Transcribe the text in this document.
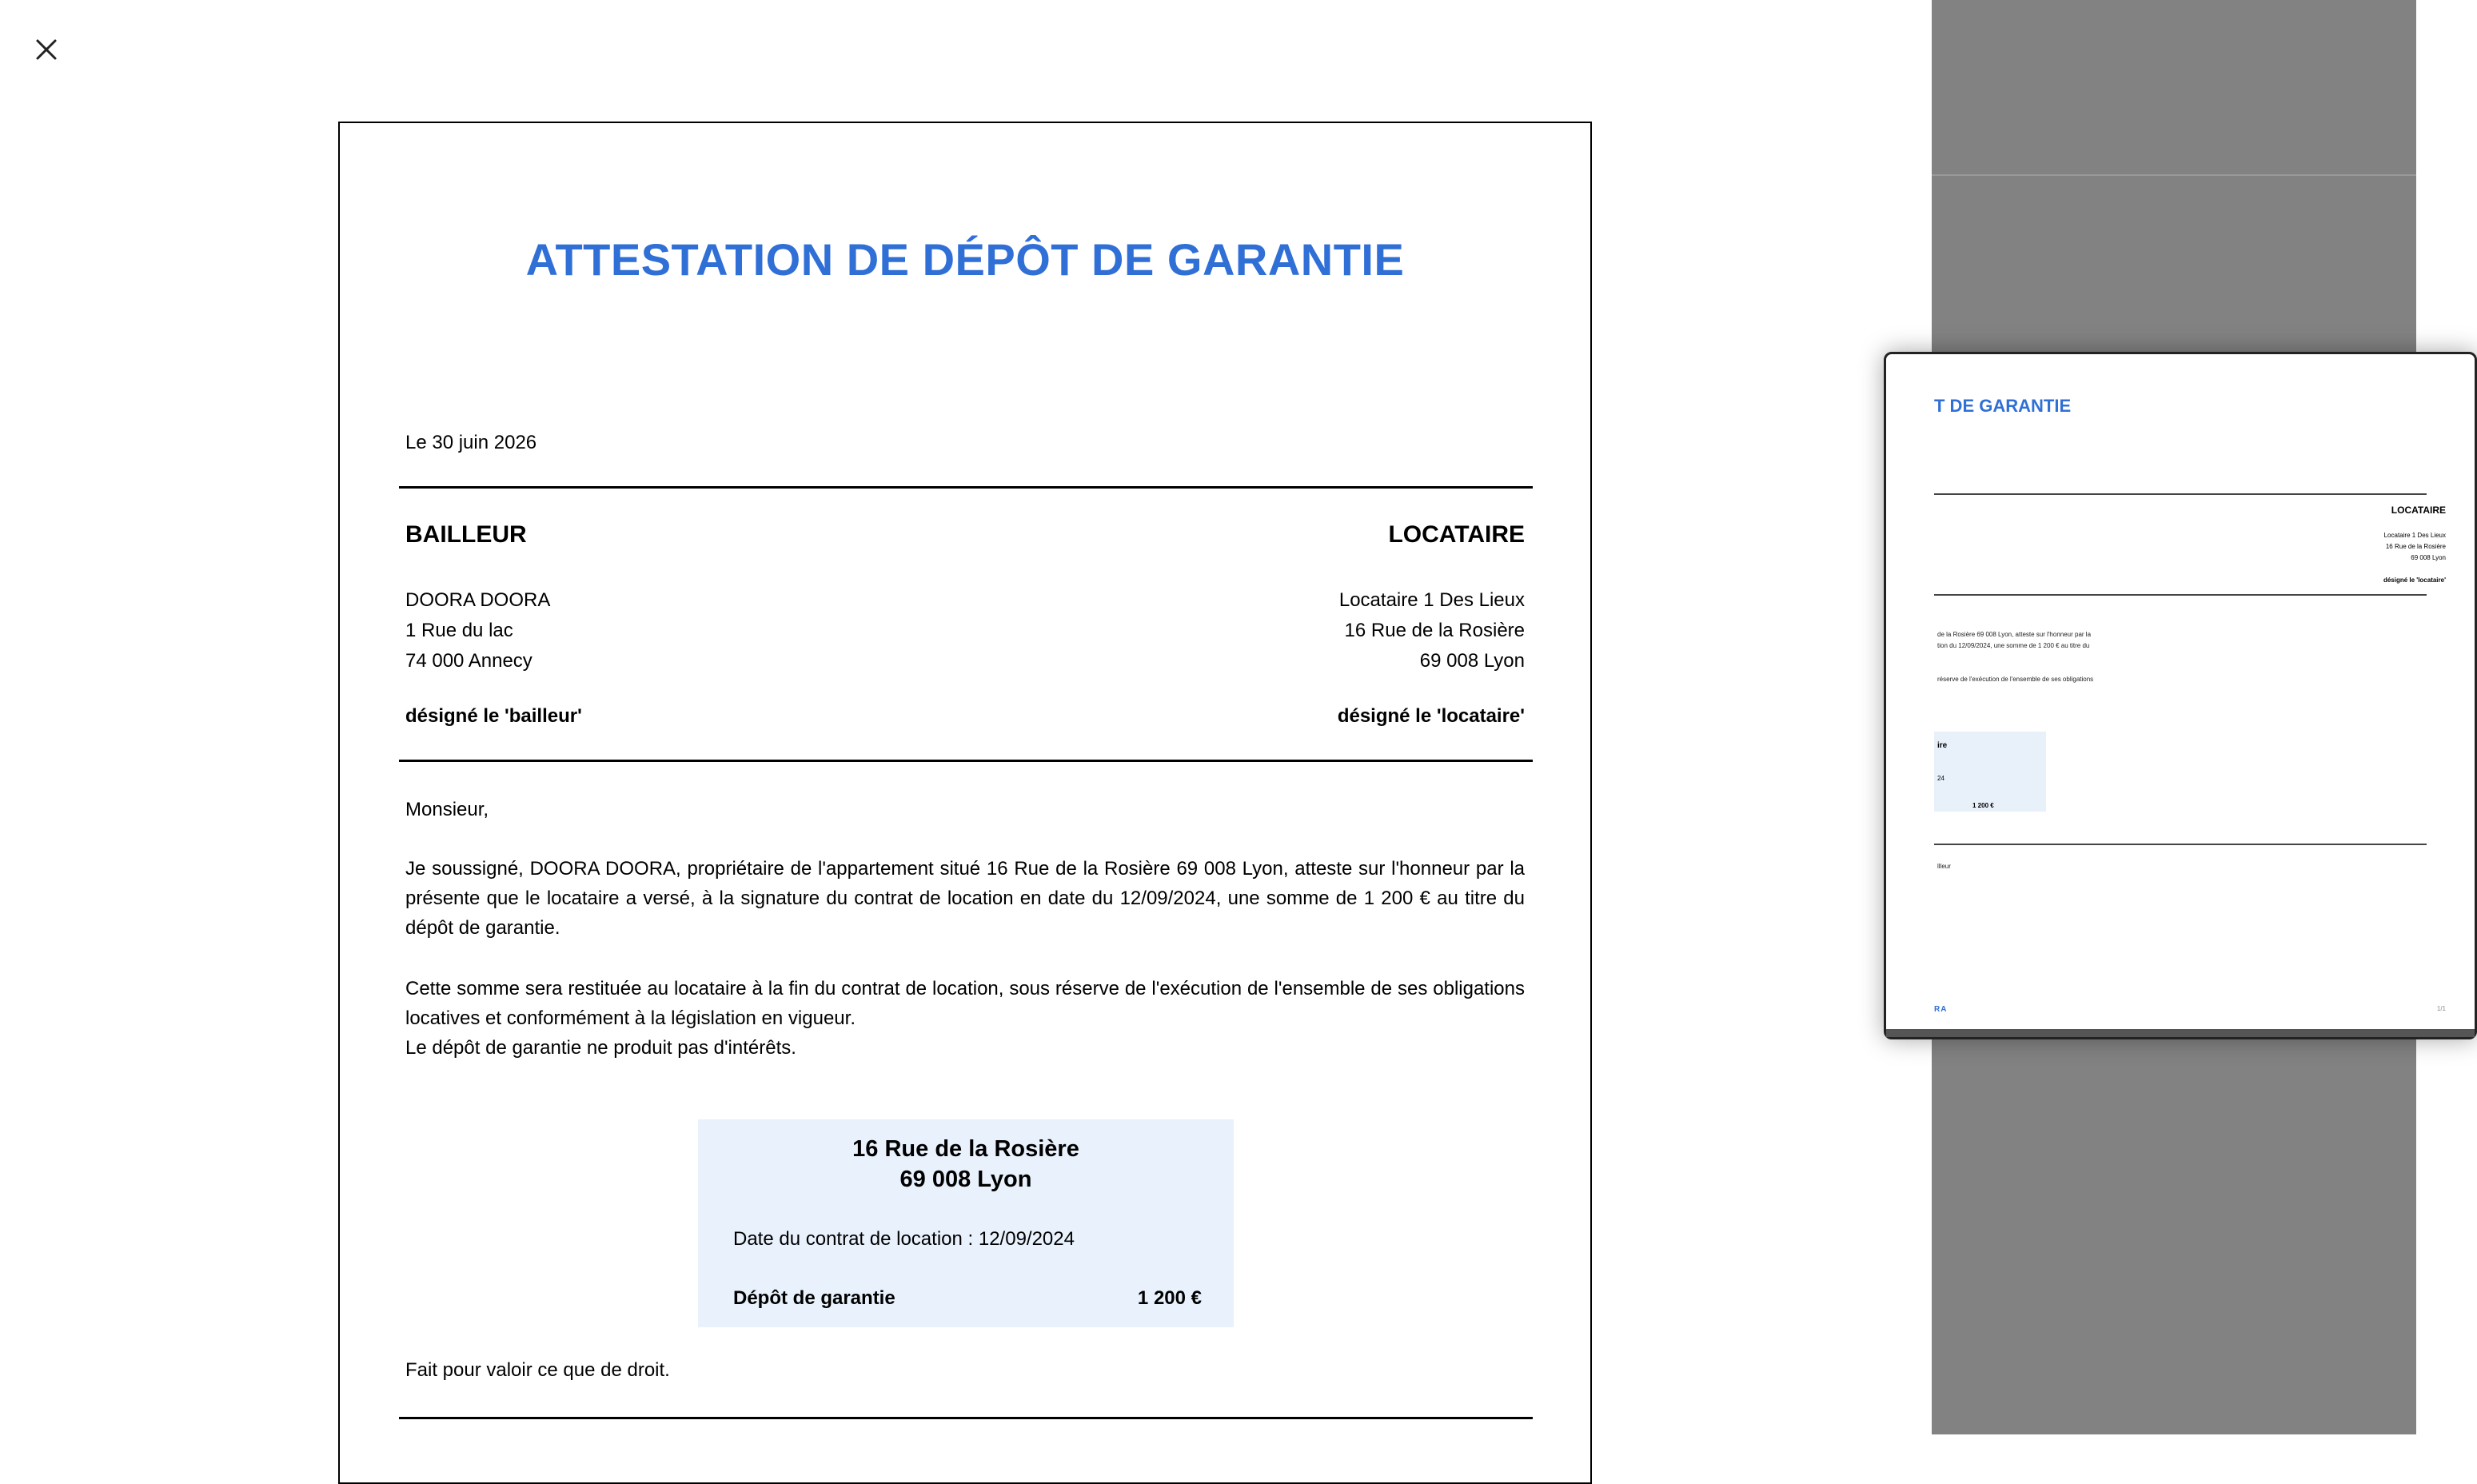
T DE GARANTIE
LOCATAIRE
Locataire 1 Des Lieux
16 Rue de la Rosière
69 008 Lyon
désigné le 'locataire'
de la Rosière 69 008 Lyon, atteste sur l'honneur par la
tion du 12/09/2024, une somme de 1 200 € au titre du
réserve de l'exécution de l'ensemble de ses obligations
ire
24
1 200 €
llleur
RA	1/1
ATTESTATION DE DÉPÔT DE GARANTIE
Le 30 juin 2026
BAILLEUR	LOCATAIRE
DOORA DOORA
1 Rue du lac
74 000 Annecy
Locataire 1 Des Lieux
16 Rue de la Rosière
69 008 Lyon
désigné le 'bailleur'	désigné le 'locataire'
Monsieur,
Je soussigné, DOORA DOORA, propriétaire de l'appartement situé 16 Rue de la Rosière 69 008 Lyon, atteste sur l'honneur par la présente que le locataire a versé, à la signature du contrat de location en date du 12/09/2024, une somme de 1 200 € au titre du dépôt de garantie.
Cette somme sera restituée au locataire à la fin du contrat de location, sous réserve de l'exécution de l'ensemble de ses obligations locatives et conformément à la législation en vigueur.
Le dépôt de garantie ne produit pas d'intérêts.
16 Rue de la Rosière
69 008 Lyon
Date du contrat de location : 12/09/2024
Dépôt de garantie	1 200 €
Fait pour valoir ce que de droit.
